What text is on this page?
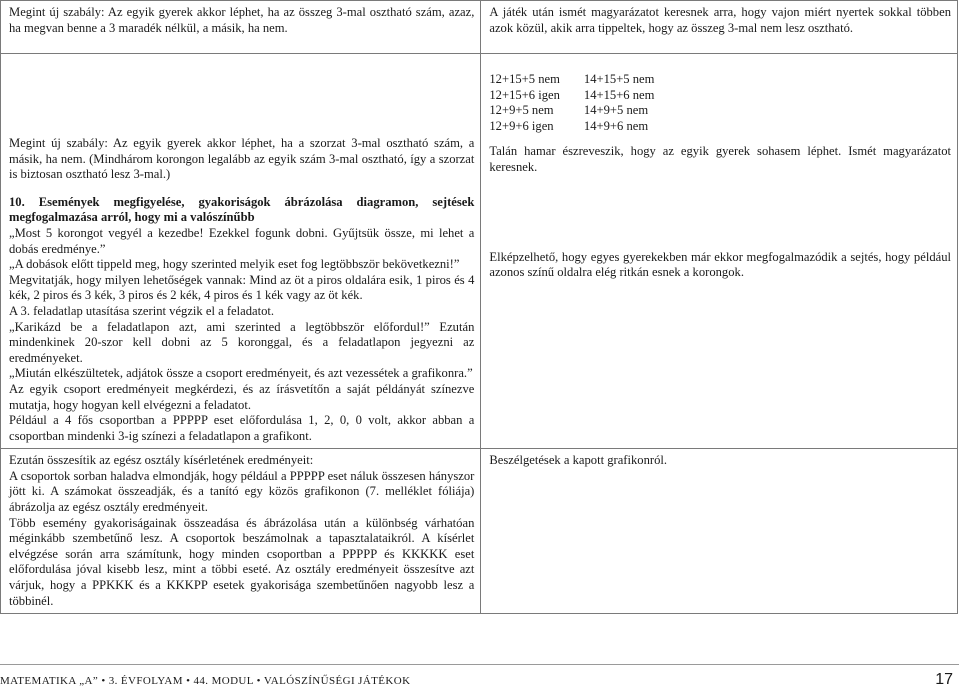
Megint új szabály: Az egyik gyerek akkor léphet, ha az összeg 3-mal osztható szám, azaz, ha megvan benne a 3 maradék nélkül, a másik, ha nem.

A játék után ismét magyarázatot keresnek arra, hogy vajon miért nyertek sokkal többen azok közül, akik arra tippeltek, hogy az összeg 3-mal nem lesz osztható.

Megint új szabály: Az egyik gyerek akkor léphet, ha a szorzat 3-mal osztható szám, a másik, ha nem. (Mindhárom korongon legalább az egyik szám 3-mal osztható, így a szorzat is biztosan osztható lesz 3-mal.)

10. Események megfigyelése, gyakoriságok ábrázolása diagramon, sejtések megfogalmazása arról, hogy mi a valószínűbb

„Most 5 korongot vegyél a kezedbe! Ezekkel fogunk dobni. Gyűjtsük össze, mi lehet a dobás eredménye.”

„A dobások előtt tippeld meg, hogy szerinted melyik eset fog legtöbbször bekövetkezni!”

Megvitatják, hogy milyen lehetőségek vannak: Mind az öt a piros oldalára esik, 1 piros és 4 kék, 2 piros és 3 kék, 3 piros és 2 kék, 4 piros és 1 kék vagy az öt kék.

A 3. feladatlap utasítása szerint végzik el a feladatot.

„Karikázd be a feladatlapon azt, ami szerinted a legtöbbször előfordul!” Ezután mindenkinek 20-szor kell dobni az 5 koronggal, és a feladatlapon jegyezni az eredményeket.

„Miután elkészültetek, adjátok össze a csoport eredményeit, és azt vezessétek a grafikonra.”

Az egyik csoport eredményeit megkérdezi, és az írásvetítőn a saját példányát színezve mutatja, hogy hogyan kell elvégezni a feladatot.

Például a 4 fős csoportban a PPPPP eset előfordulása 1, 2, 0, 0 volt, akkor abban a csoportban mindenki 3-ig színezi a feladatlapon a grafikont.

12+15+5 nem	14+15+5 nem
12+15+6 igen	14+15+6 nem
12+9+5 nem	14+9+5 nem
12+9+6 igen	14+9+6 nem

Talán hamar észreveszik, hogy az egyik gyerek sohasem léphet. Ismét magyarázatot keresnek.

Elképzelhető, hogy egyes gyerekekben már ekkor megfogalmazódik a sejtés, hogy például azonos színű oldalra elég ritkán esnek a korongok.

Ezután összesítik az egész osztály kísérletének eredményeit:

A csoportok sorban haladva elmondják, hogy például a PPPPP eset náluk összesen hányszor jött ki. A számokat összeadják, és a tanító egy közös grafikonon (7. melléklet fóliája) ábrázolja az egész osztály eredményeit.

Több esemény gyakoriságainak összeadása és ábrázolása után a különbség várhatóan méginkább szembetűnő lesz. A csoportok beszámolnak a tapasztalataikról. A kísérlet elvégzése során arra számítunk, hogy minden csoportban a PPPPP és KKKKK eset előfordulása jóval kisebb lesz, mint a többi eseté. Az osztály eredményeit összesítve azt várjuk, hogy a PPKKK és a KKKPP esetek gyakorisága szembetűnően nagyobb lesz a többinél.

Beszélgetések a kapott grafikonról.

MATEMATIKA „A” • 3. ÉVFOLYAM • 44. MODUL • VALÓSZÍNŰSÉGI JÁTÉKOK	17
